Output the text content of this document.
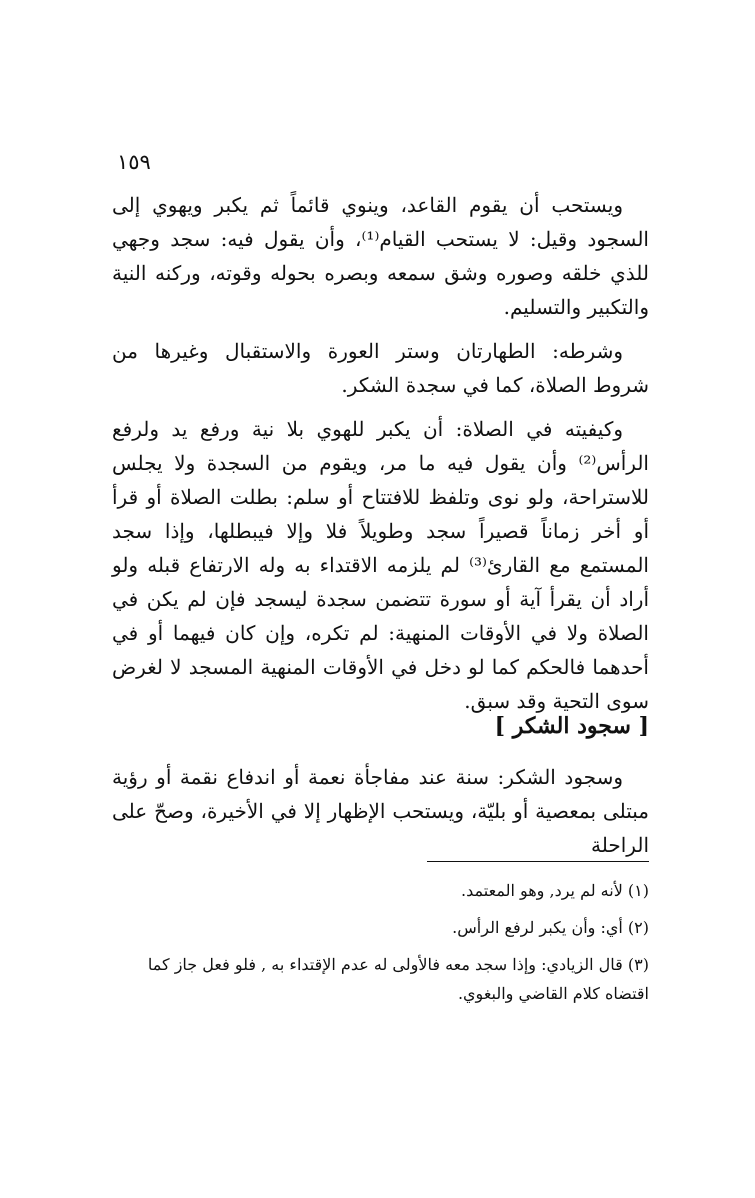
١٥٩

ويستحب أن يقوم القاعد، وينوي قائماً ثم يكبر ويهوي إلى السجود وقيل: لا يستحب القيام⁽¹⁾، وأن يقول فيه: سجد وجهي للذي خلقه وصوره وشق سمعه وبصره بحوله وقوته، وركنه النية والتكبير والتسليم.

وشرطه: الطهارتان وستر العورة والاستقبال وغيرها من شروط الصلاة، كما في سجدة الشكر.

وكيفيته في الصلاة: أن يكبر للهوي بلا نية ورفع يد ولرفع الرأس⁽²⁾ وأن يقول فيه ما مر، ويقوم من السجدة ولا يجلس للاستراحة، ولو نوى وتلفظ للافتتاح أو سلم: بطلت الصلاة أو قرأ أو أخر زماناً قصيراً سجد وطويلاً فلا وإلا فيبطلها، وإذا سجد المستمع مع القارئ⁽³⁾ لم يلزمه الاقتداء به وله الارتفاع قبله ولو أراد أن يقرأ آية أو سورة تتضمن سجدة ليسجد فإن لم يكن في الصلاة ولا في الأوقات المنهية: لم تكره، وإن كان فيهما أو في أحدهما فالحكم كما لو دخل في الأوقات المنهية المسجد لا لغرض سوى التحية وقد سبق.

[ سجود الشكر ]

وسجود الشكر: سنة عند مفاجأة نعمة أو اندفاع نقمة أو رؤية مبتلى بمعصية أو بليّة، ويستحب الإظهار إلا في الأخيرة، وصحّ على الراحلة

(١) لأنه لم يرد, وهو المعتمد.

(٢) أي: وأن يكبر لرفع الرأس.

(٣) قال الزيادي: وإذا سجد معه فالأولى له عدم الإقتداء به , فلو فعل جاز كما اقتضاه كلام القاضي والبغوي.
